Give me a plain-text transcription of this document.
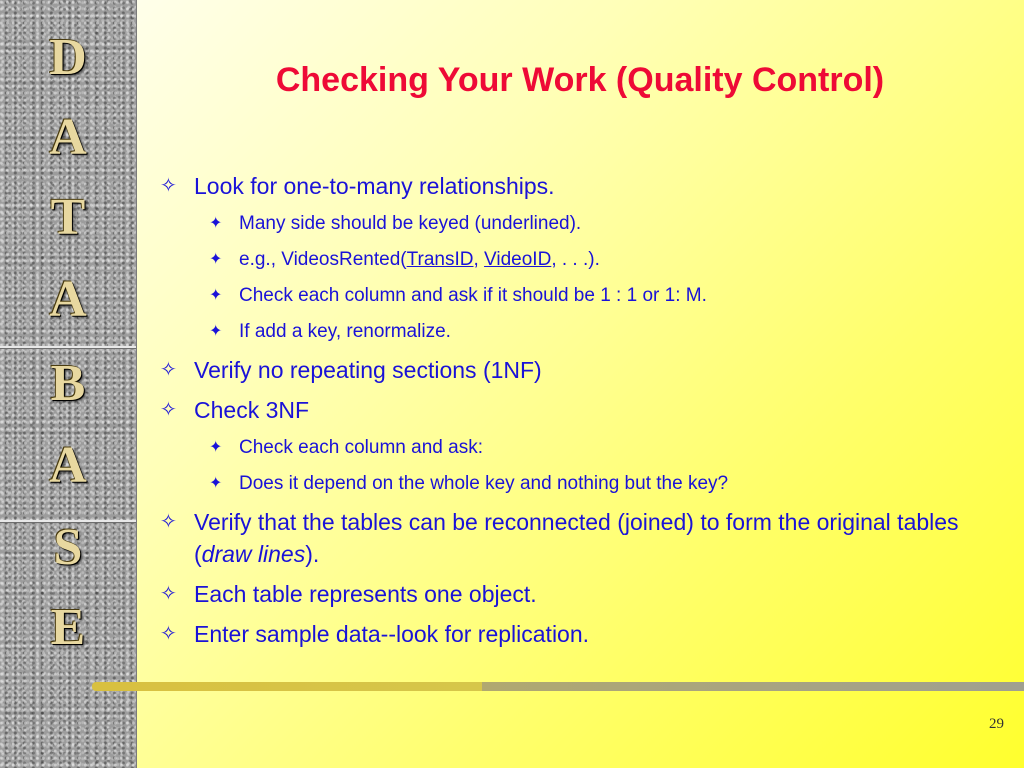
D
A
T
A
B
A
S
E
Checking Your Work (Quality Control)
✧ Look for one-to-many relationships.
✦ Many side should be keyed (underlined).
✦ e.g., VideosRented(TransID, VideoID, . . .).
✦ Check each column and ask if it should be 1 : 1 or 1: M.
✦ If add a key, renormalize.
✧ Verify no repeating sections (1NF)
✧ Check 3NF
✦ Check each column and ask:
✦ Does it depend on the whole key and nothing but the key?
✧ Verify that the tables can be reconnected (joined) to form the original tables (draw lines).
✧ Each table represents one object.
✧ Enter sample data--look for replication.
29
